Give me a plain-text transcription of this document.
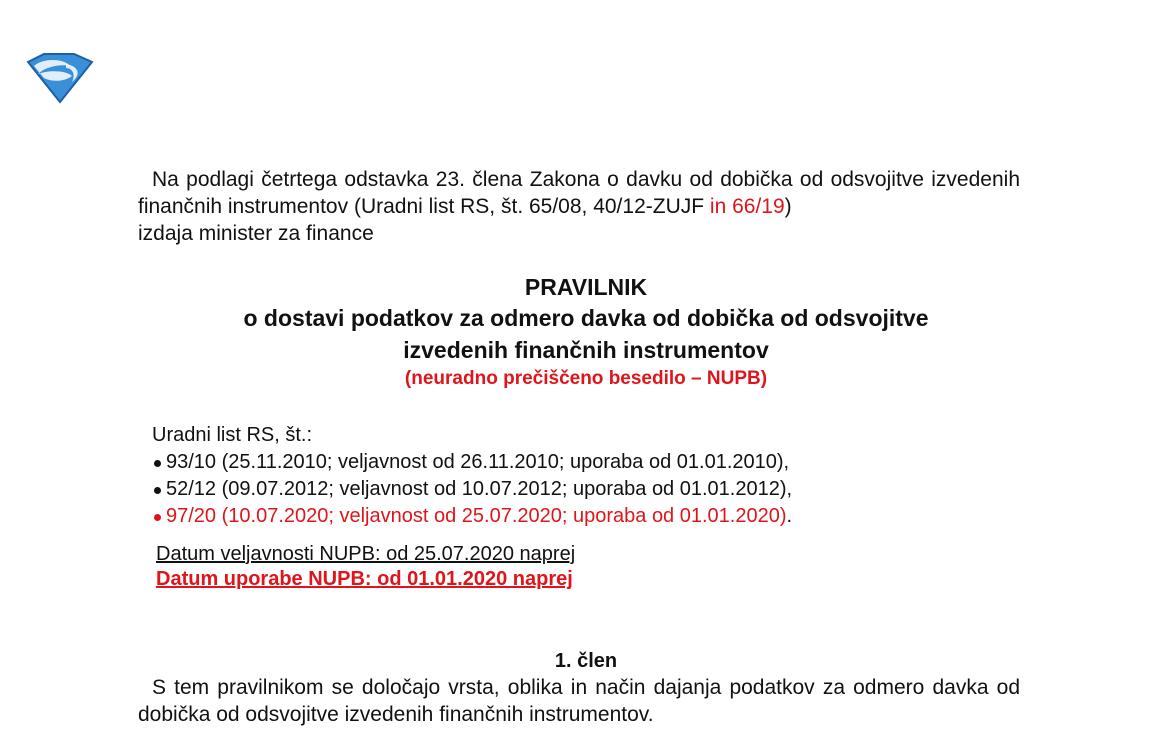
Na podlagi četrtega odstavka 23. člena Zakona o davku od dobička od odsvojitve izvedenih finančnih instrumentov (Uradni list RS, št. 65/08, 40/12-ZUJF in 66/19)
izdaja minister za finance
PRAVILNIK
o dostavi podatkov za odmero davka od dobička od odsvojitve
izvedenih finančnih instrumentov
(neuradno prečiščeno besedilo – NUPB)
Uradni list RS, št.:
93/10 (25.11.2010; veljavnost od 26.11.2010; uporaba od 01.01.2010),
52/12 (09.07.2012; veljavnost od 10.07.2012; uporaba od 01.01.2012),
97/20 (10.07.2020; veljavnost od 25.07.2020; uporaba od 01.01.2020).
Datum veljavnosti NUPB: od 25.07.2020 naprej
Datum uporabe NUPB: od 01.01.2020 naprej
1. člen
S tem pravilnikom se določajo vrsta, oblika in način dajanja podatkov za odmero davka od dobička od odsvojitve izvedenih finančnih instrumentov.
